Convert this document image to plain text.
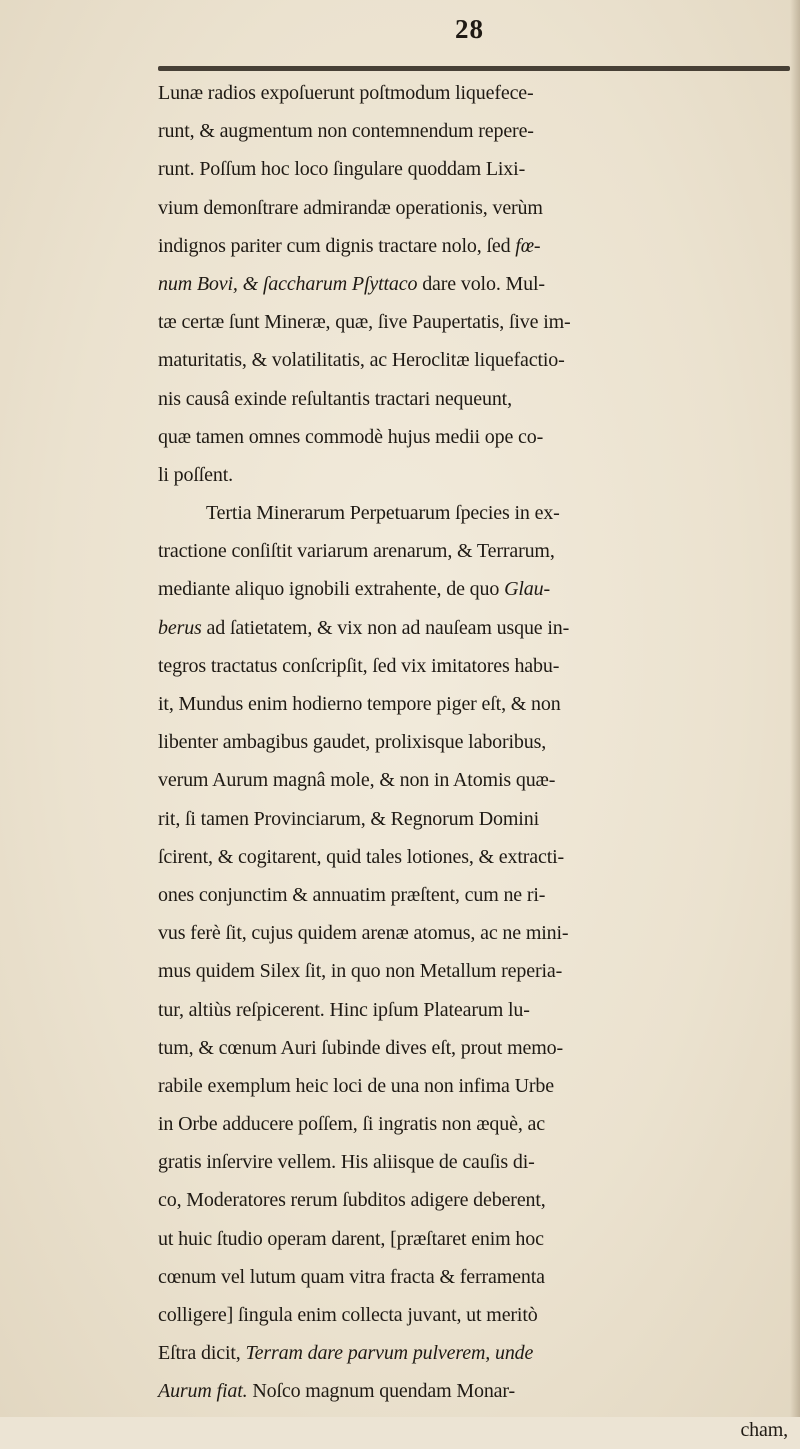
28
Lunæ radios expoſuerunt poſtmodum liquefece-
runt, & augmentum non contemnendum repere-
runt. Poſſum hoc loco ſingulare quoddam Lixi-
vium demonſtrare admirandæ operationis, verùm
indignos pariter cum dignis tractare nolo, ſed fœ-
num Bovi, & ſaccharum Pſyttaco dare volo. Mul-
tæ certæ ſunt Mineræ, quæ, ſive Paupertatis, ſive im-
maturitatis, & volatilitatis, ac Heroclitæ liquefactio-
nis causâ exinde reſultantis tractari nequeunt,
quæ tamen omnes commodè hujus medii ope co-
li poſſent.
Tertia Minerarum Perpetuarum ſpecies in ex-
tractione conſiſtit variarum arenarum, & Terrarum,
mediante aliquo ignobili extrahente, de quo Glau-
berus ad ſatietatem, & vix non ad nauſeam usque in-
tegros tractatus conſcripſit, ſed vix imitatores habu-
it, Mundus enim hodierno tempore piger eſt, & non
libenter ambagibus gaudet, prolixisque laboribus,
verum Aurum magnâ mole, & non in Atomis quæ-
rit, ſi tamen Provinciarum, & Regnorum Domini
ſcirent, & cogitarent, quid tales lotiones, & extracti-
ones conjunctim & annuatim præſtent, cum ne ri-
vus ferè ſit, cujus quidem arenæ atomus, ac ne mini-
mus quidem Silex ſit, in quo non Metallum reperia-
tur, altiùs reſpicerent. Hinc ipſum Platearum lu-
tum, & cœnum Auri ſubinde dives eſt, prout memo-
rabile exemplum heic loci de una non infima Urbe
in Orbe adducere poſſem, ſi ingratis non æquè, ac
gratis inſervire vellem. His aliisque de cauſis di-
co, Moderatores rerum ſubditos adigere deberent,
ut huic ſtudio operam darent, [præſtaret enim hoc
cœnum vel lutum quam vitra fracta & ferramenta
colligere] ſingula enim collecta juvant, ut meritò
Eſtra dicit, Terram dare parvum pulverem, unde
Aurum fiat. Noſco magnum quendam Monar-
cham,
